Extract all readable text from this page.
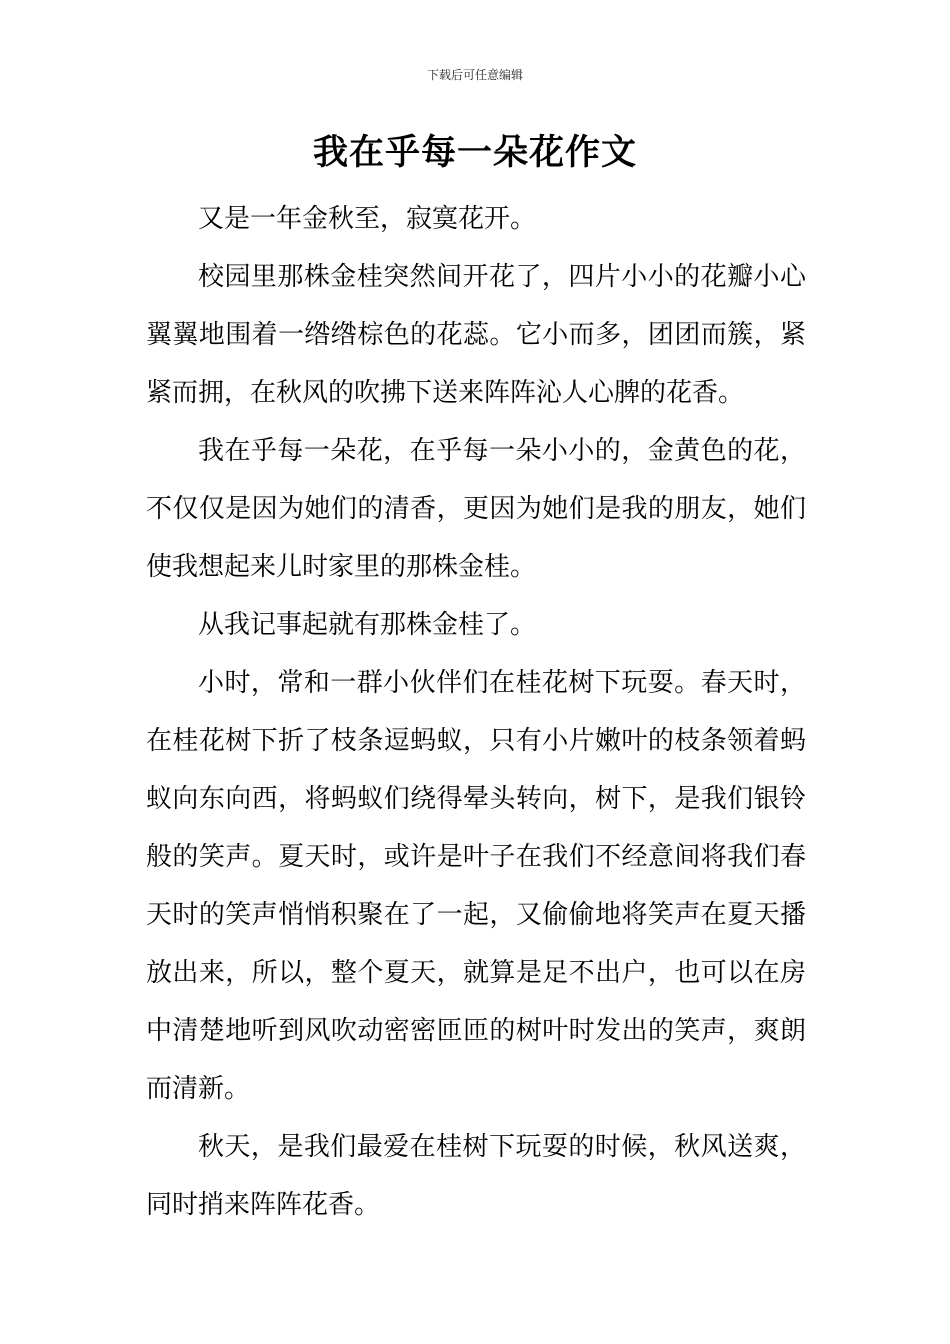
下载后可任意编辑
我在乎每一朵花作文

又是一年金秋至，寂寞花开。

校园里那株金桂突然间开花了，四片小小的花瓣小心翼翼地围着一绺绺棕色的花蕊。它小而多，团团而簇，紧紧而拥，在秋风的吹拂下送来阵阵沁人心脾的花香。

我在乎每一朵花，在乎每一朵小小的，金黄色的花，不仅仅是因为她们的清香，更因为她们是我的朋友，她们使我想起来儿时家里的那株金桂。

从我记事起就有那株金桂了。

小时，常和一群小伙伴们在桂花树下玩耍。春天时，在桂花树下折了枝条逗蚂蚁，只有小片嫩叶的枝条领着蚂蚁向东向西，将蚂蚁们绕得晕头转向，树下，是我们银铃般的笑声。夏天时，或许是叶子在我们不经意间将我们春天时的笑声悄悄积聚在了一起，又偷偷地将笑声在夏天播放出来，所以，整个夏天，就算是足不出户，也可以在房中清楚地听到风吹动密密匝匝的树叶时发出的笑声，爽朗而清新。

秋天，是我们最爱在桂树下玩耍的时候，秋风送爽，同时捎来阵阵花香。
